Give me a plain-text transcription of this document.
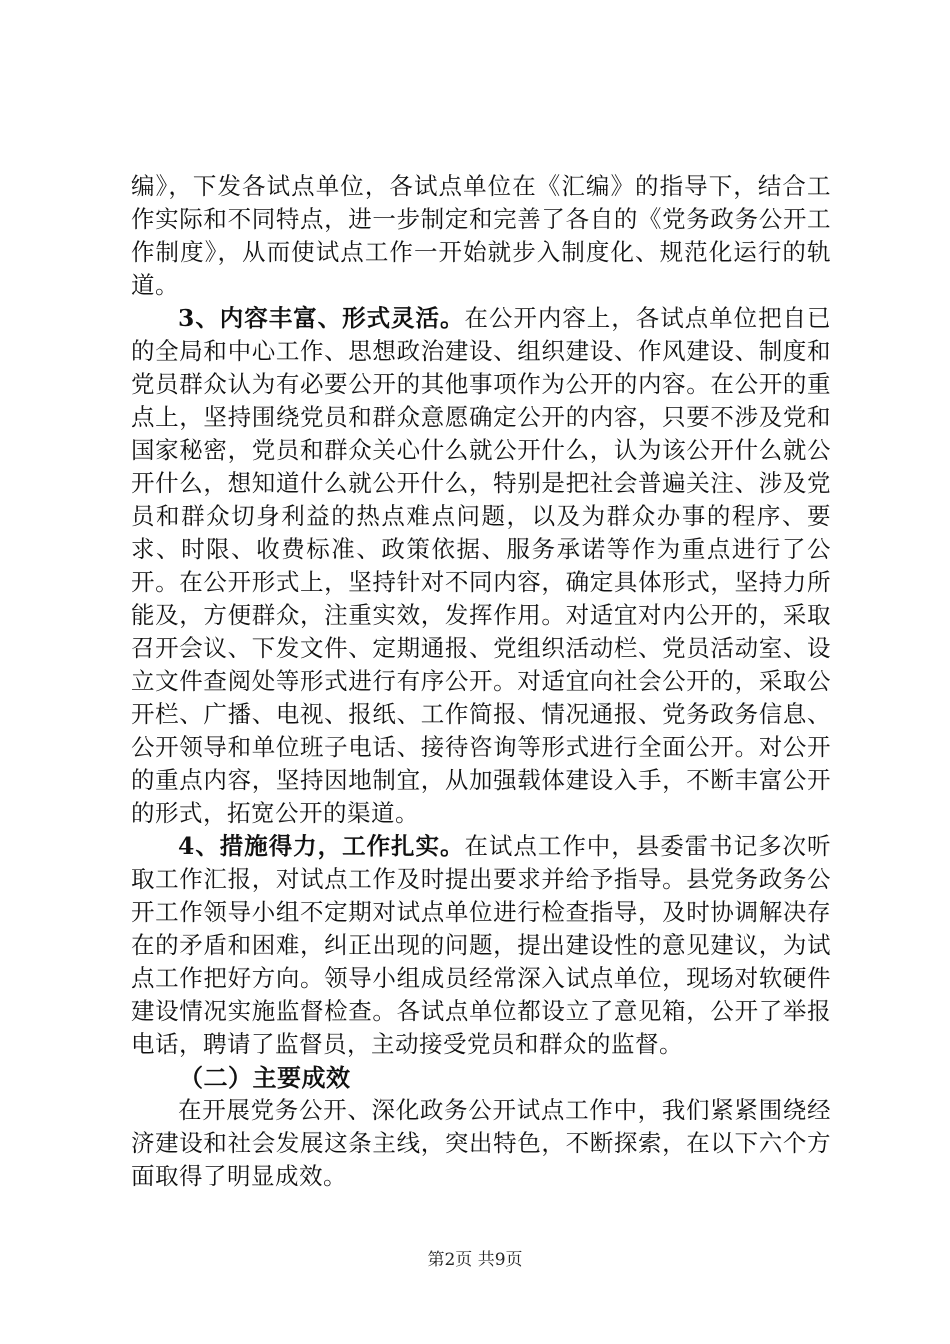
编》，下发各试点单位，各试点单位在《汇编》的指导下，结合工作实际和不同特点，进一步制定和完善了各自的《党务政务公开工作制度》，从而使试点工作一开始就步入制度化、规范化运行的轨道。

3、内容丰富、形式灵活。在公开内容上，各试点单位把自已的全局和中心工作、思想政治建设、组织建设、作风建设、制度和党员群众认为有必要公开的其他事项作为公开的内容。在公开的重点上，坚持围绕党员和群众意愿确定公开的内容，只要不涉及党和国家秘密，党员和群众关心什么就公开什么，认为该公开什么就公开什么，想知道什么就公开什么，特别是把社会普遍关注、涉及党员和群众切身利益的热点难点问题，以及为群众办事的程序、要求、时限、收费标准、政策依据、服务承诺等作为重点进行了公开。在公开形式上，坚持针对不同内容，确定具体形式，坚持力所能及，方便群众，注重实效，发挥作用。对适宜对内公开的，采取召开会议、下发文件、定期通报、党组织活动栏、党员活动室、设立文件查阅处等形式进行有序公开。对适宜向社会公开的，采取公开栏、广播、电视、报纸、工作简报、情况通报、党务政务信息、公开领导和单位班子电话、接待咨询等形式进行全面公开。对公开的重点内容，坚持因地制宜，从加强载体建设入手，不断丰富公开的形式，拓宽公开的渠道。

4、措施得力，工作扎实。在试点工作中，县委雷书记多次听取工作汇报，对试点工作及时提出要求并给予指导。县党务政务公开工作领导小组不定期对试点单位进行检查指导，及时协调解决存在的矛盾和困难，纠正出现的问题，提出建设性的意见建议，为试点工作把好方向。领导小组成员经常深入试点单位，现场对软硬件建设情况实施监督检查。各试点单位都设立了意见箱，公开了举报电话，聘请了监督员，主动接受党员和群众的监督。

（二）主要成效

在开展党务公开、深化政务公开试点工作中，我们紧紧围绕经济建设和社会发展这条主线，突出特色，不断探索，在以下六个方面取得了明显成效。

第2页 共9页
